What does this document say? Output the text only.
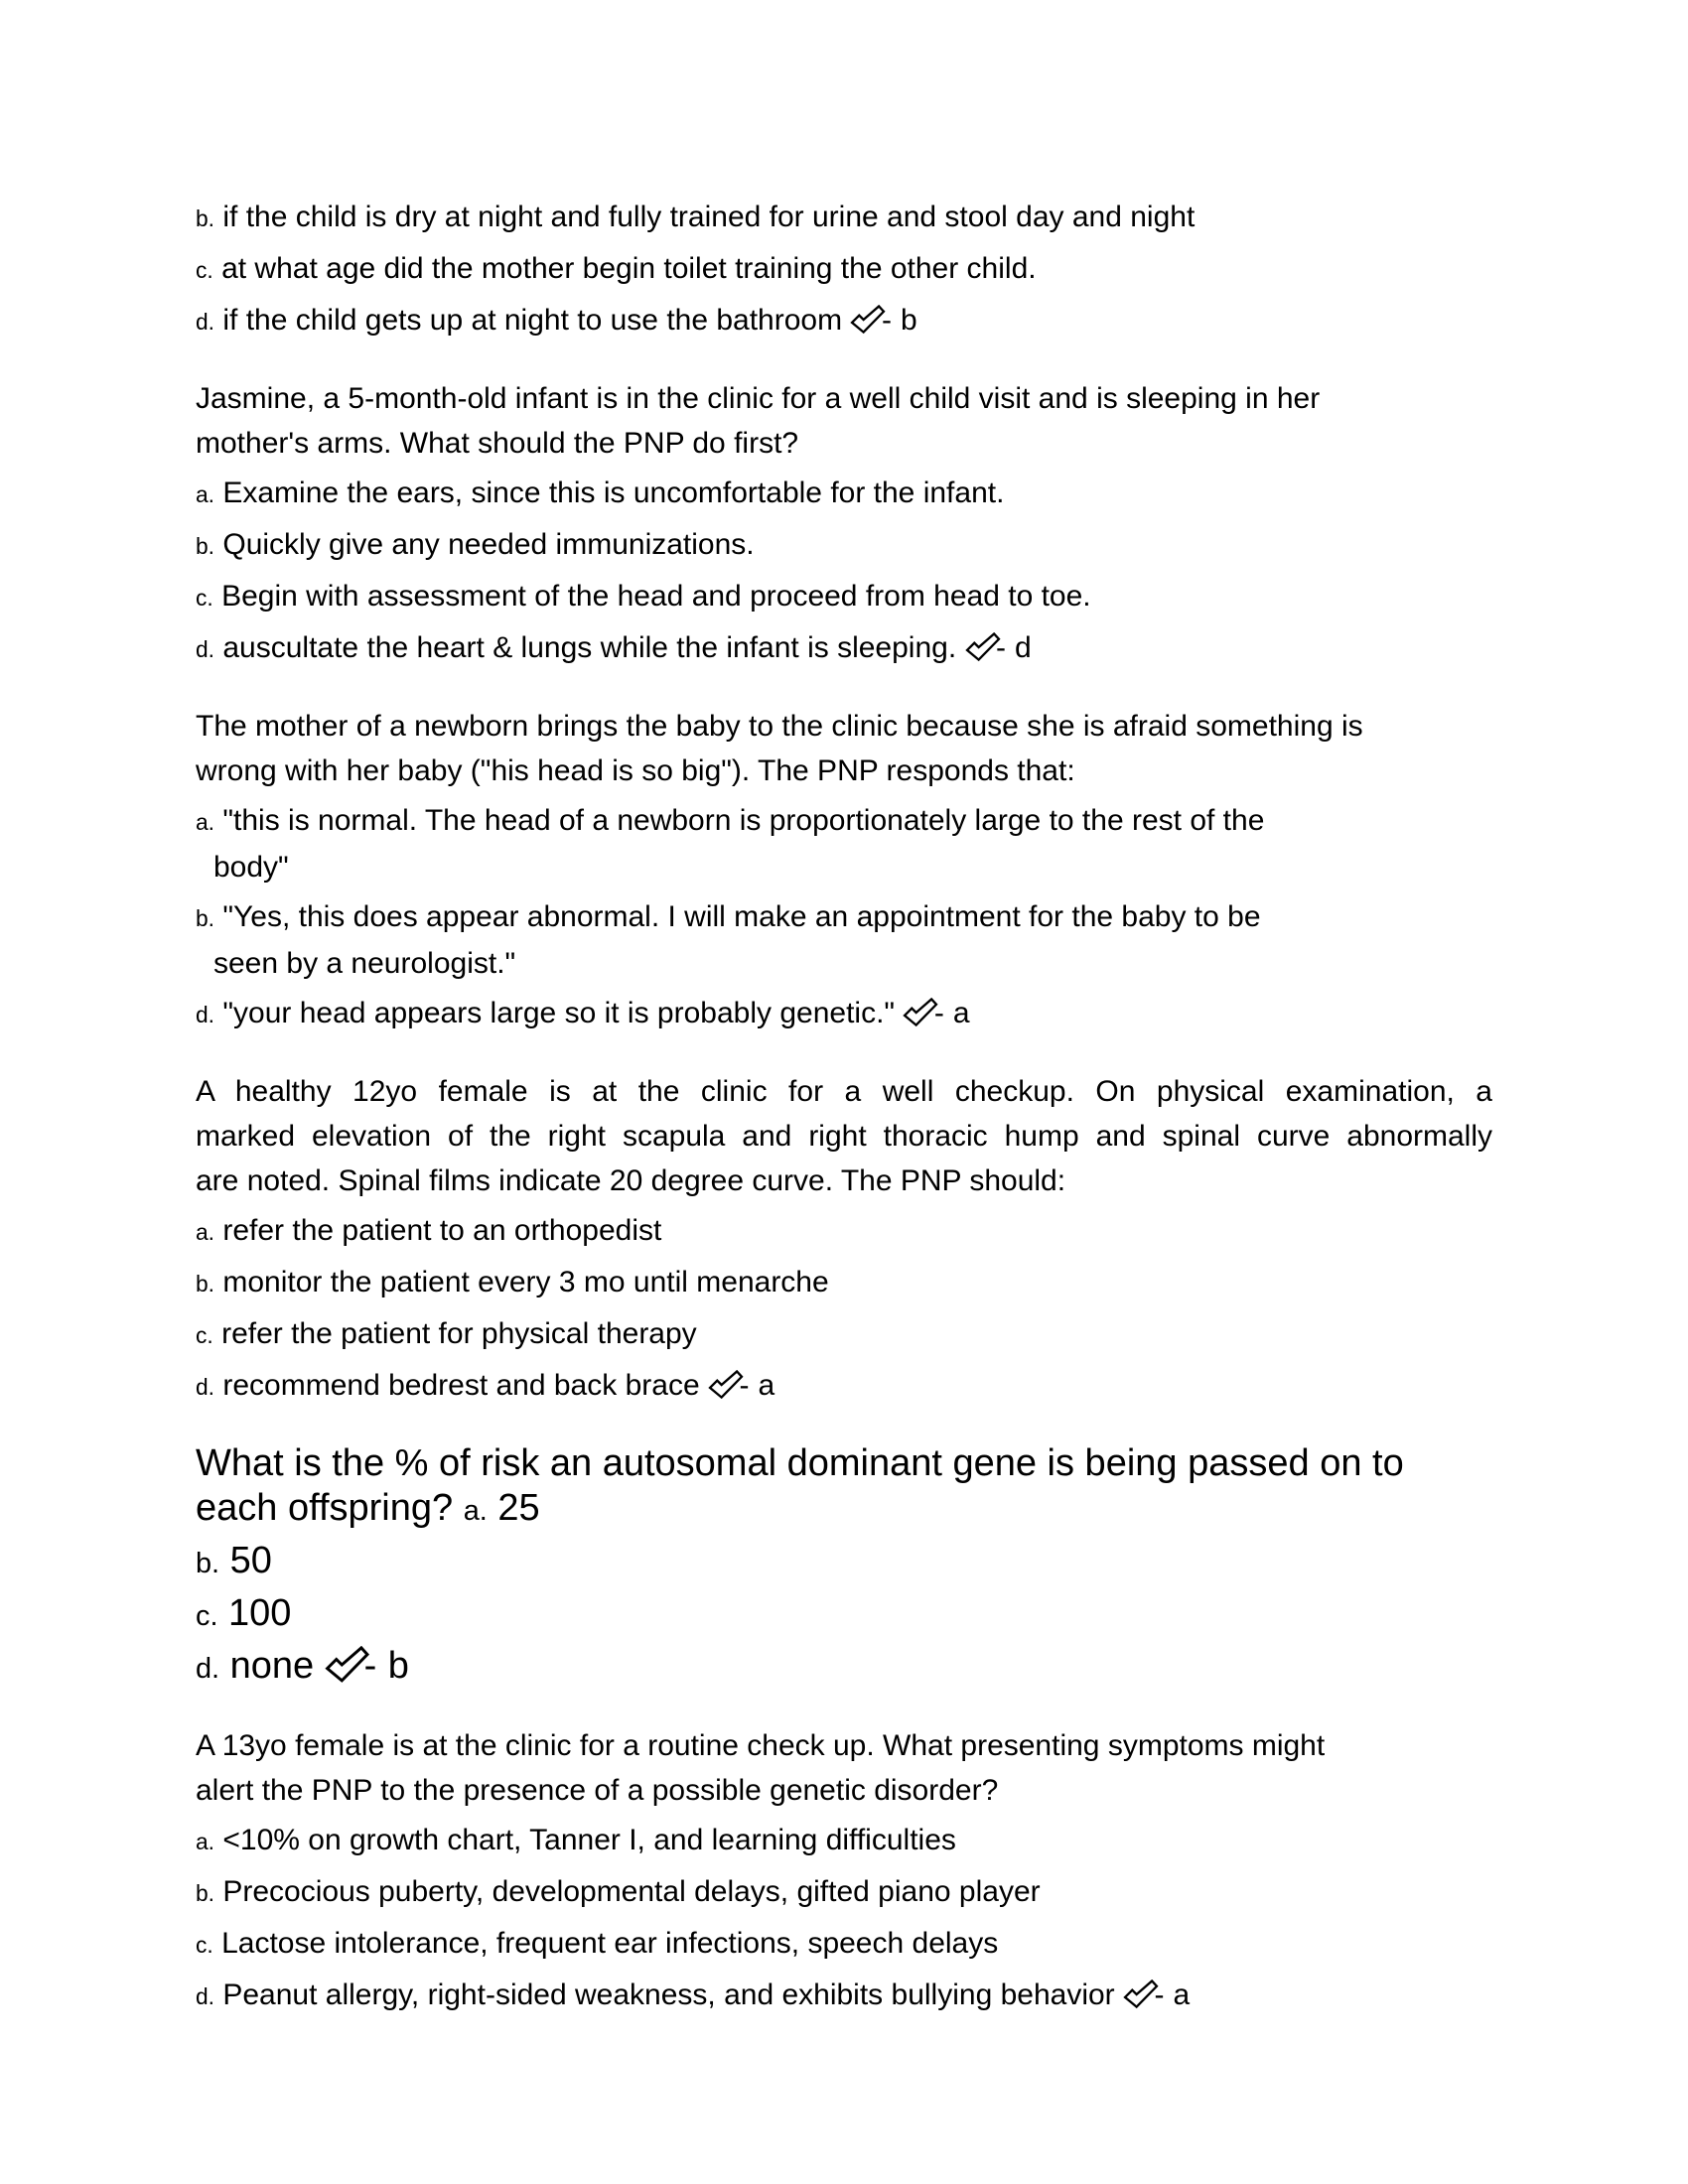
b. if the child is dry at night and fully trained for urine and stool day and night

c. at what age did the mother begin toilet training the other child.

d. if the child gets up at night to use the bathroom - b

Jasmine, a 5-month-old infant is in the clinic for a well child visit and is sleeping in her
mother's arms. What should the PNP do first?

a. Examine the ears, since this is uncomfortable for the infant.

b. Quickly give any needed immunizations.

c. Begin with assessment of the head and proceed from head to toe.

d. auscultate the heart & lungs while the infant is sleeping. - d

The mother of a newborn brings the baby to the clinic because she is afraid something is
wrong with her baby ("his head is so big"). The PNP responds that:

a. "this is normal. The head of a newborn is proportionately large to the rest of the
body"

b. "Yes, this does appear abnormal. I will make an appointment for the baby to be
seen by a neurologist."

d. "your head appears large so it is probably genetic." - a

A healthy 12yo female is at the clinic for a well checkup. On physical examination, a
marked elevation of the right scapula and right thoracic hump and spinal curve abnormally
are noted. Spinal films indicate 20 degree curve. The PNP should:

a. refer the patient to an orthopedist

b. monitor the patient every 3 mo until menarche

c. refer the patient for physical therapy

d. recommend bedrest and back brace - a

What is the % of risk an autosomal dominant gene is being passed on to
each offspring? a. 25

b. 50

c. 100

d. none - b

A 13yo female is at the clinic for a routine check up. What presenting symptoms might
alert the PNP to the presence of a possible genetic disorder?

a. <10% on growth chart, Tanner I, and learning difficulties

b. Precocious puberty, developmental delays, gifted piano player

c. Lactose intolerance, frequent ear infections, speech delays

d. Peanut allergy, right-sided weakness, and exhibits bullying behavior - a
